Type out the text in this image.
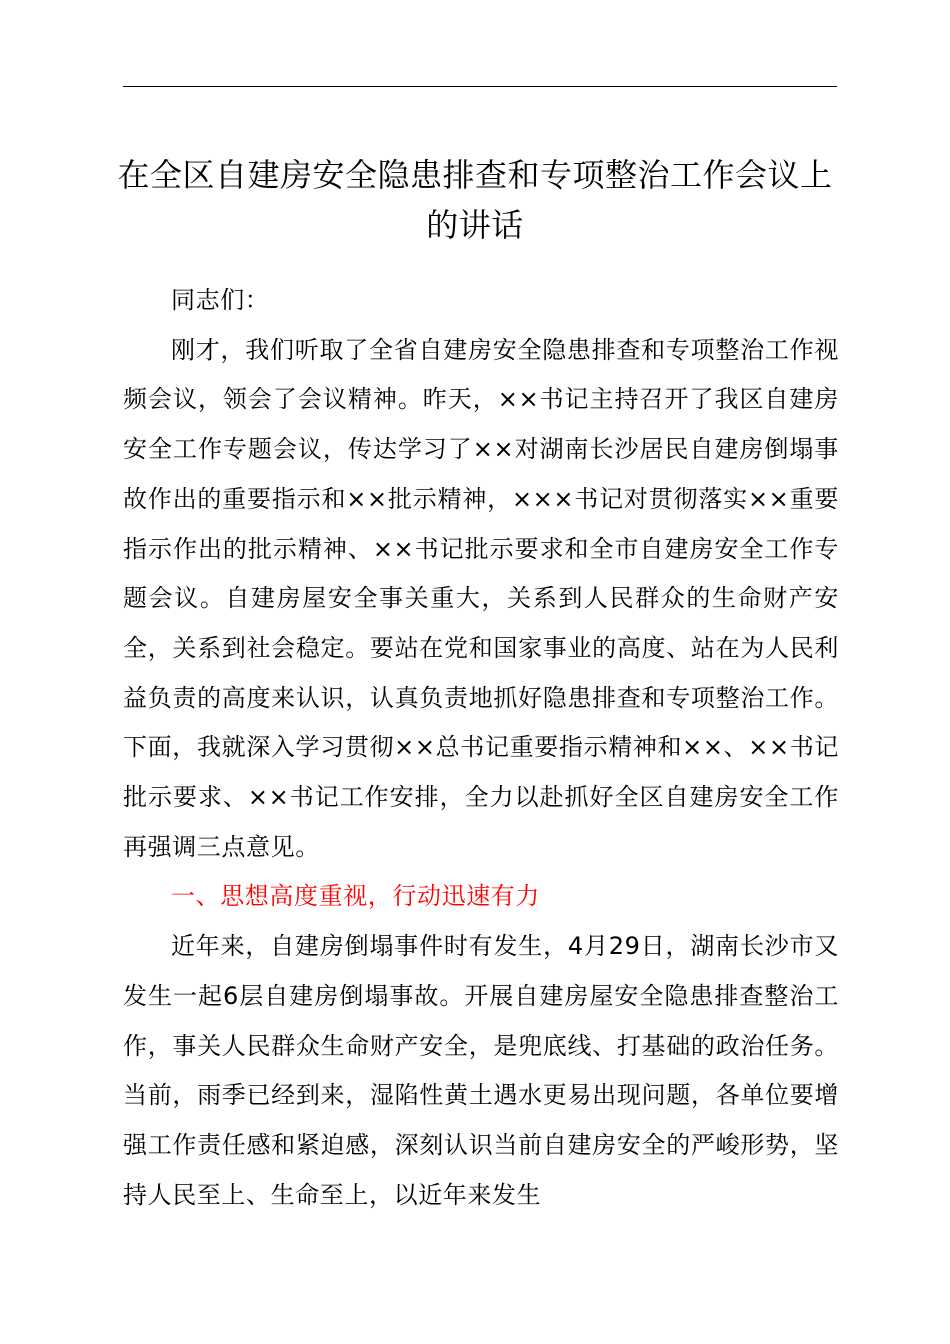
在全区自建房安全隐患排查和专项整治工作会议上的讲话

同志们：

刚才，我们听取了全省自建房安全隐患排查和专项整治工作视频会议，领会了会议精神。昨天，××书记主持召开了我区自建房安全工作专题会议，传达学习了××对湖南长沙居民自建房倒塌事故作出的重要指示和××批示精神，×××书记对贯彻落实××重要指示作出的批示精神、××书记批示要求和全市自建房安全工作专题会议。自建房屋安全事关重大，关系到人民群众的生命财产安全，关系到社会稳定。要站在党和国家事业的高度、站在为人民利益负责的高度来认识，认真负责地抓好隐患排查和专项整治工作。下面，我就深入学习贯彻××总书记重要指示精神和××、××书记批示要求、××书记工作安排，全力以赴抓好全区自建房安全工作再强调三点意见。

一、思想高度重视，行动迅速有力

近年来，自建房倒塌事件时有发生，4月29日，湖南长沙市又发生一起6层自建房倒塌事故。开展自建房屋安全隐患排查整治工作，事关人民群众生命财产安全，是兜底线、打基础的政治任务。当前，雨季已经到来，湿陷性黄土遇水更易出现问题，各单位要增强工作责任感和紧迫感，深刻认识当前自建房安全的严峻形势，坚持人民至上、生命至上，以近年来发生
